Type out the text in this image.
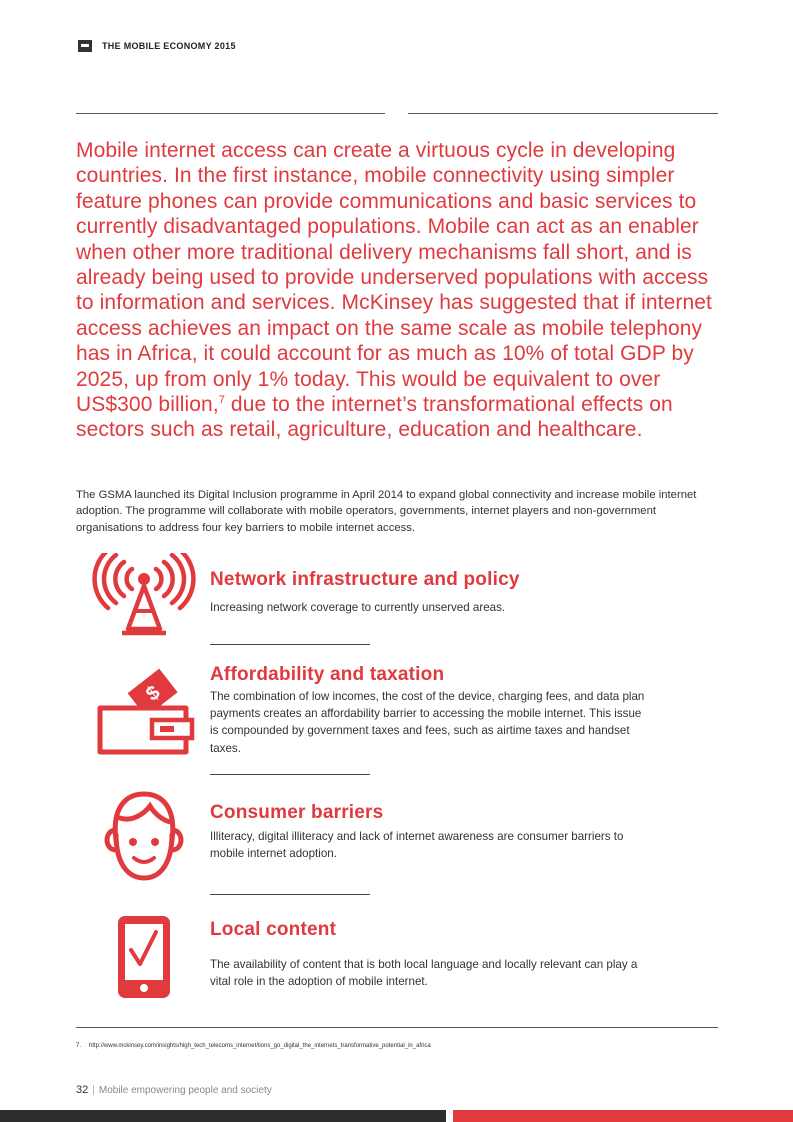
THE MOBILE ECONOMY 2015

Mobile internet access can create a virtuous cycle in developing countries. In the first instance, mobile connectivity using simpler feature phones can provide communications and basic services to currently disadvantaged populations. Mobile can act as an enabler when other more traditional delivery mechanisms fall short, and is already being used to provide underserved populations with access to information and services. McKinsey has suggested that if internet access achieves an impact on the same scale as mobile telephony has in Africa, it could account for as much as 10% of total GDP by 2025, up from only 1% today. This would be equivalent to over US$300 billion,$^7$ due to the internet’s transformational effects on sectors such as retail, agriculture, education and healthcare.

The GSMA launched its Digital Inclusion programme in April 2014 to expand global connectivity and increase mobile internet adoption. The programme will collaborate with mobile operators, governments, internet players and non-government organisations to address four key barriers to mobile internet access.

Network infrastructure and policy
Increasing network coverage to currently unserved areas.
$
Affordability and taxation
The combination of low incomes, the cost of the device, charging fees, and data plan payments creates an affordability barrier to accessing the mobile internet. This issue is compounded by government taxes and fees, such as airtime taxes and handset taxes.
Consumer barriers
Illiteracy, digital illiteracy and lack of internet awareness are consumer barriers to mobile internet adoption.
Local content
The availability of content that is both local language and locally relevant can play a vital role in the adoption of mobile internet.
7. http://www.mckinsey.com/insights/high_tech_telecoms_internet/lions_go_digital_the_internets_transformative_potential_in_africa
32 | Mobile empowering people and society
